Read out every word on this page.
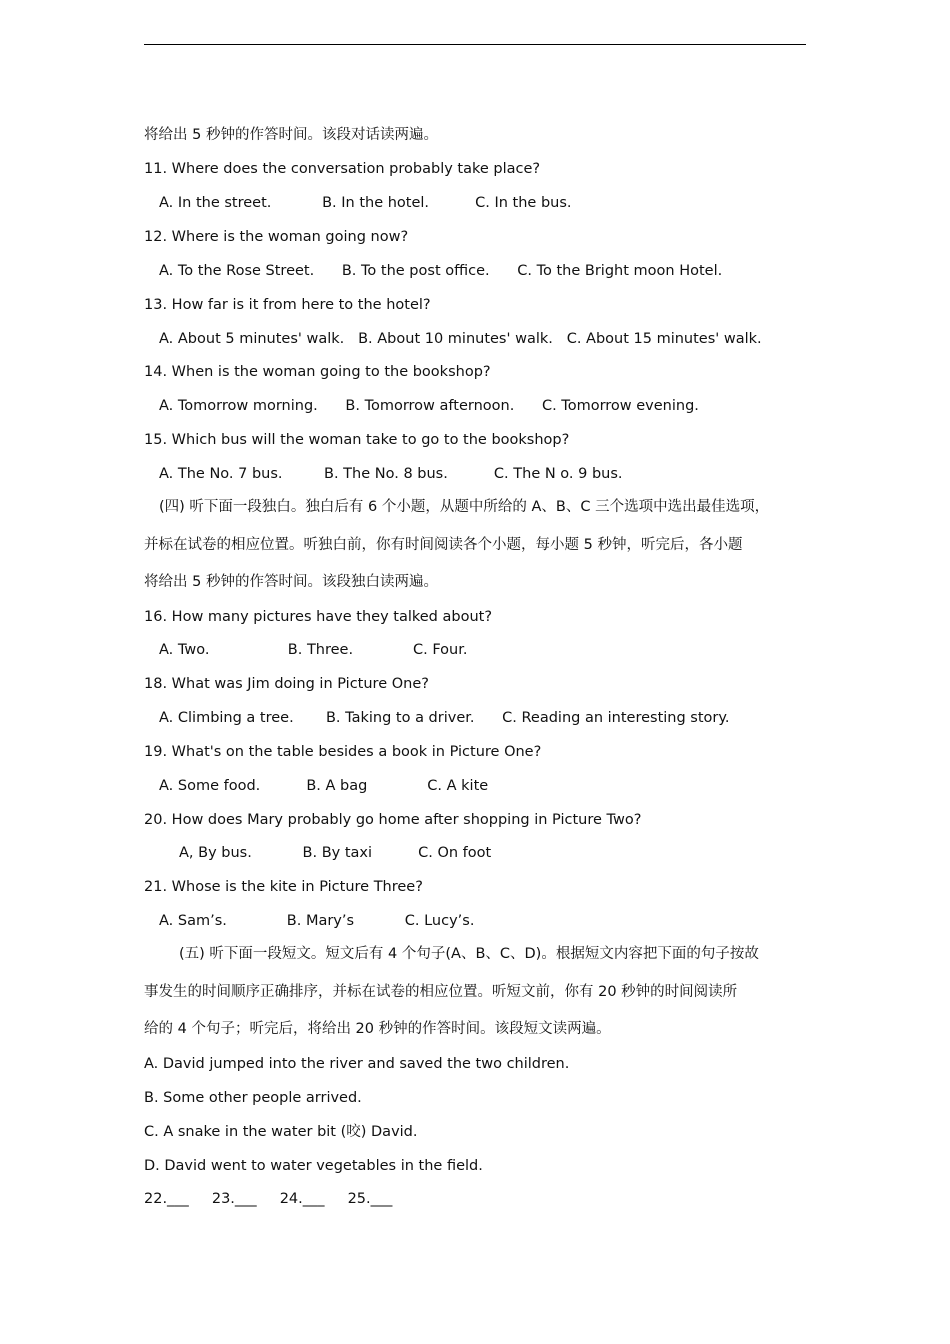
将给出 5 秒钟的作答时间。该段对话读两遍。
11. Where does the conversation probably take place?
A. In the street.           B. In the hotel.          C. In the bus.
12. Where is the woman going now?
A. To the Rose Street.      B. To the post office.      C. To the Bright moon Hotel.
13. How far is it from here to the hotel?
A. About 5 minutes' walk.   B. About 10 minutes' walk.   C. About 15 minutes' walk.
14. When is the woman going to the bookshop?
A. Tomorrow morning.      B. Tomorrow afternoon.      C. Tomorrow evening.
15. Which bus will the woman take to go to the bookshop?
A. The No. 7 bus.         B. The No. 8 bus.          C. The N o. 9 bus.
(四) 听下面一段独白。独白后有 6 个小题，从题中所给的 A、B、C 三个选项中选出最佳选项，
并标在试卷的相应位置。听独白前，你有时间阅读各个小题，每小题 5 秒钟，听完后，各小题
将给出 5 秒钟的作答时间。该段独白读两遍。
16. How many pictures have they talked about?
A. Two.                 B. Three.             C. Four.
18. What was Jim doing in Picture One?
A. Climbing a tree.       B. Taking to a driver.      C. Reading an interesting story.
19. What's on the table besides a book in Picture One?
A. Some food.          B. A bag             C. A kite
20. How does Mary probably go home after shopping in Picture Two?
A, By bus.           B. By taxi          C. On foot
21. Whose is the kite in Picture Three?
A. Sam’s.             B. Mary’s           C. Lucy’s.
(五) 听下面一段短文。短文后有 4 个句子(A、B、C、D)。根据短文内容把下面的句子按故
事发生的时间顺序正确排序，并标在试卷的相应位置。听短文前，你有 20 秒钟的时间阅读所
给的 4 个句子；听完后，将给出 20 秒钟的作答时间。该段短文读两遍。
A. David jumped into the river and saved the two children.
B. Some other people arrived.
C. A snake in the water bit (咬) David.
D. David went to water vegetables in the field.
22.___     23.___     24.___     25.___
